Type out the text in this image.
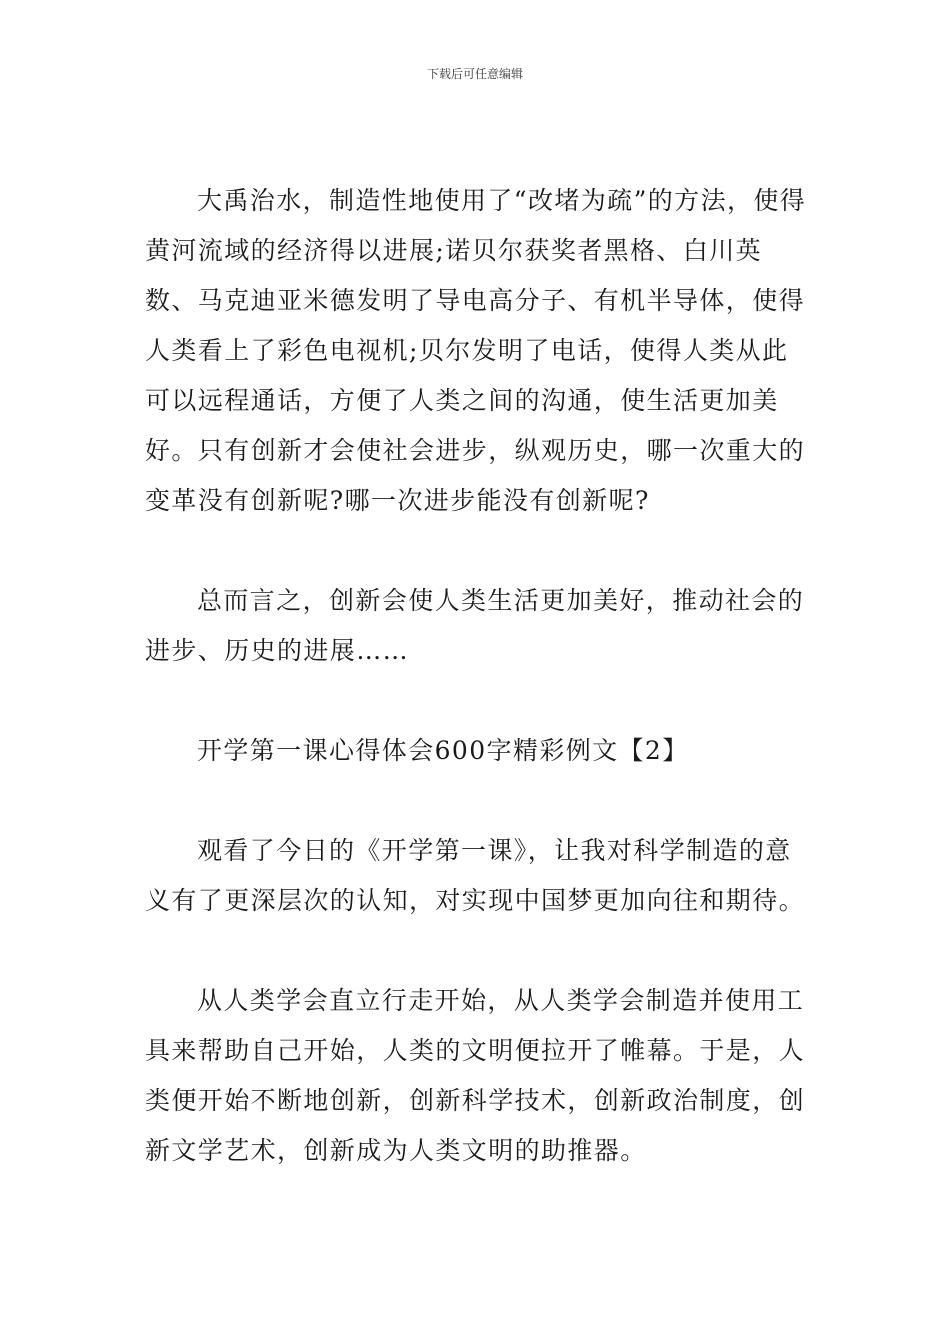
下载后可任意编辑

大禹治水，制造性地使用了“改堵为疏”的方法，使得黄河流域的经济得以进展;诺贝尔获奖者黑格、白川英数、马克迪亚米德发明了导电高分子、有机半导体，使得人类看上了彩色电视机;贝尔发明了电话，使得人类从此可以远程通话，方便了人类之间的沟通，使生活更加美好。只有创新才会使社会进步，纵观历史，哪一次重大的变革没有创新呢?哪一次进步能没有创新呢?

总而言之，创新会使人类生活更加美好，推动社会的进步、历史的进展……

开学第一课心得体会600字精彩例文【2】

观看了今日的《开学第一课》，让我对科学制造的意义有了更深层次的认知，对实现中国梦更加向往和期待。

从人类学会直立行走开始，从人类学会制造并使用工具来帮助自己开始，人类的文明便拉开了帷幕。于是，人类便开始不断地创新，创新科学技术，创新政治制度，创新文学艺术，创新成为人类文明的助推器。
